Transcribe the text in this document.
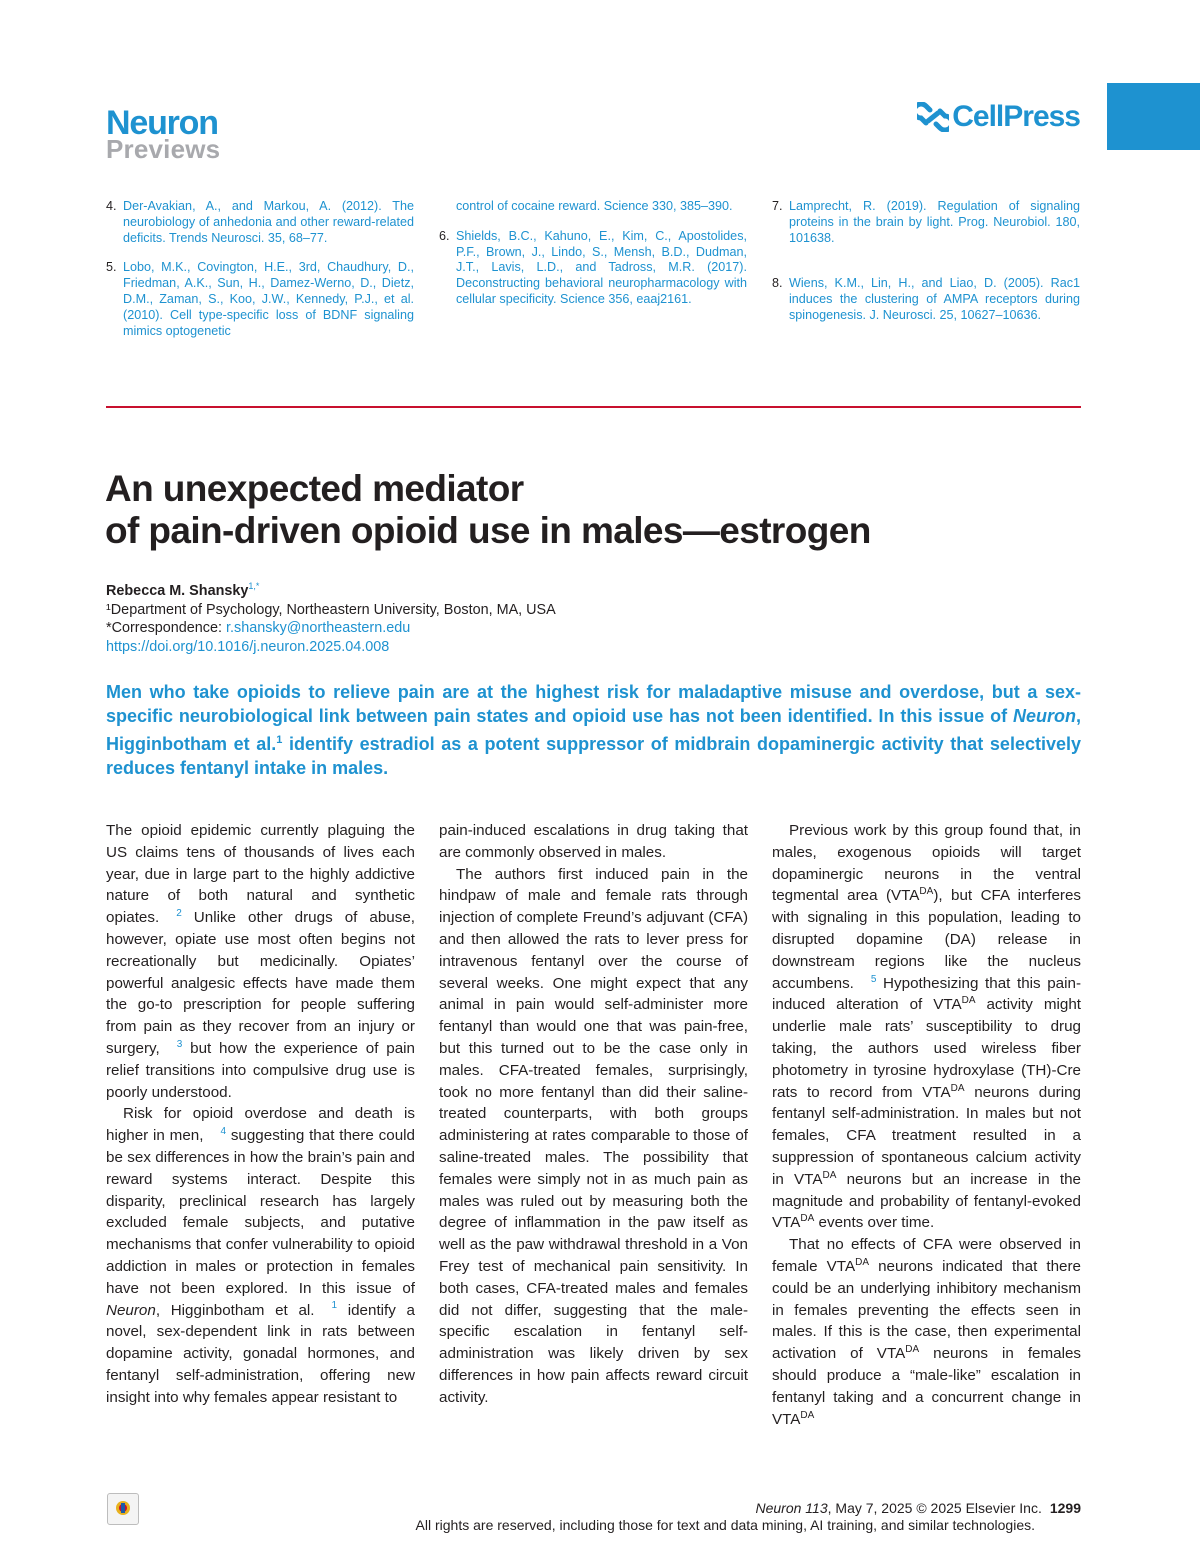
Neuron
Previews
CellPress
4. Der-Avakian, A., and Markou, A. (2012). The neurobiology of anhedonia and other reward-related deficits. Trends Neurosci. 35, 68–77.
5. Lobo, M.K., Covington, H.E., 3rd, Chaudhury, D., Friedman, A.K., Sun, H., Damez-Werno, D., Dietz, D.M., Zaman, S., Koo, J.W., Kennedy, P.J., et al. (2010). Cell type-specific loss of BDNF signaling mimics optogenetic
control of cocaine reward. Science 330, 385–390.
6. Shields, B.C., Kahuno, E., Kim, C., Apostolides, P.F., Brown, J., Lindo, S., Mensh, B.D., Dudman, J.T., Lavis, L.D., and Tadross, M.R. (2017). Deconstructing behavioral neuropharmacology with cellular specificity. Science 356, eaaj2161.
7. Lamprecht, R. (2019). Regulation of signaling proteins in the brain by light. Prog. Neurobiol. 180, 101638.
8. Wiens, K.M., Lin, H., and Liao, D. (2005). Rac1 induces the clustering of AMPA receptors during spinogenesis. J. Neurosci. 25, 10627–10636.
An unexpected mediator
of pain-driven opioid use in males—estrogen
Rebecca M. Shansky$^{1,*}$
¹Department of Psychology, Northeastern University, Boston, MA, USA
*Correspondence: r.shansky@northeastern.edu
https://doi.org/10.1016/j.neuron.2025.04.008
Men who take opioids to relieve pain are at the highest risk for maladaptive misuse and overdose, but a sex-specific neurobiological link between pain states and opioid use has not been identified. In this issue of Neuron, Higginbotham et al.$^1$ identify estradiol as a potent suppressor of midbrain dopaminergic activity that selectively reduces fentanyl intake in males.

The opioid epidemic currently plaguing the US claims tens of thousands of lives each year, due in large part to the highly addictive nature of both natural and synthetic opiates. $^2$ Unlike other drugs of abuse, however, opiate use most often begins not recreationally but medicinally. Opiates’ powerful analgesic effects have made them the go-to prescription for people suffering from pain as they recover from an injury or surgery, $^3$ but how the experience of pain relief transitions into compulsive drug use is poorly understood.

Risk for opioid overdose and death is higher in men, $^4$ suggesting that there could be sex differences in how the brain’s pain and reward systems interact. Despite this disparity, preclinical research has largely excluded female subjects, and putative mechanisms that confer vulnerability to opioid addiction in males or protection in females have not been explored. In this issue of Neuron, Higginbotham et al. $^1$ identify a novel, sex-dependent link in rats between dopamine activity, gonadal hormones, and fentanyl self-administration, offering new insight into why females appear resistant to

pain-induced escalations in drug taking that are commonly observed in males.

The authors first induced pain in the hindpaw of male and female rats through injection of complete Freund’s adjuvant (CFA) and then allowed the rats to lever press for intravenous fentanyl over the course of several weeks. One might expect that any animal in pain would self-administer more fentanyl than would one that was pain-free, but this turned out to be the case only in males. CFA-treated females, surprisingly, took no more fentanyl than did their saline-treated counterparts, with both groups administering at rates comparable to those of saline-treated males. The possibility that females were simply not in as much pain as males was ruled out by measuring both the degree of inflammation in the paw itself as well as the paw withdrawal threshold in a Von Frey test of mechanical pain sensitivity. In both cases, CFA-treated males and females did not differ, suggesting that the male-specific escalation in fentanyl self-administration was likely driven by sex differences in how pain affects reward circuit activity.

Previous work by this group found that, in males, exogenous opioids will target dopaminergic neurons in the ventral tegmental area $(VTA^{DA})$, but CFA interferes with signaling in this population, leading to disrupted dopamine (DA) release in downstream regions like the nucleus accumbens. $^5$ Hypothesizing that this pain-induced alteration of $VTA^{DA}$ activity might underlie male rats’ susceptibility to drug taking, the authors used wireless fiber photometry in tyrosine hydroxylase (TH)-Cre rats to record from $VTA^{DA}$ neurons during fentanyl self-administration. In males but not females, CFA treatment resulted in a suppression of spontaneous calcium activity in $VTA^{DA}$ neurons but an increase in the magnitude and probability of fentanyl-evoked $VTA^{DA}$ events over time.

That no effects of CFA were observed in female $VTA^{DA}$ neurons indicated that there could be an underlying inhibitory mechanism in females preventing the effects seen in males. If this is the case, then experimental activation of $VTA^{DA}$ neurons in females should produce a “male-like” escalation in fentanyl taking and a concurrent change in $VTA^{DA}$

Neuron 113, May 7, 2025 © 2025 Elsevier Inc. 1299
All rights are reserved, including those for text and data mining, AI training, and similar technologies.
